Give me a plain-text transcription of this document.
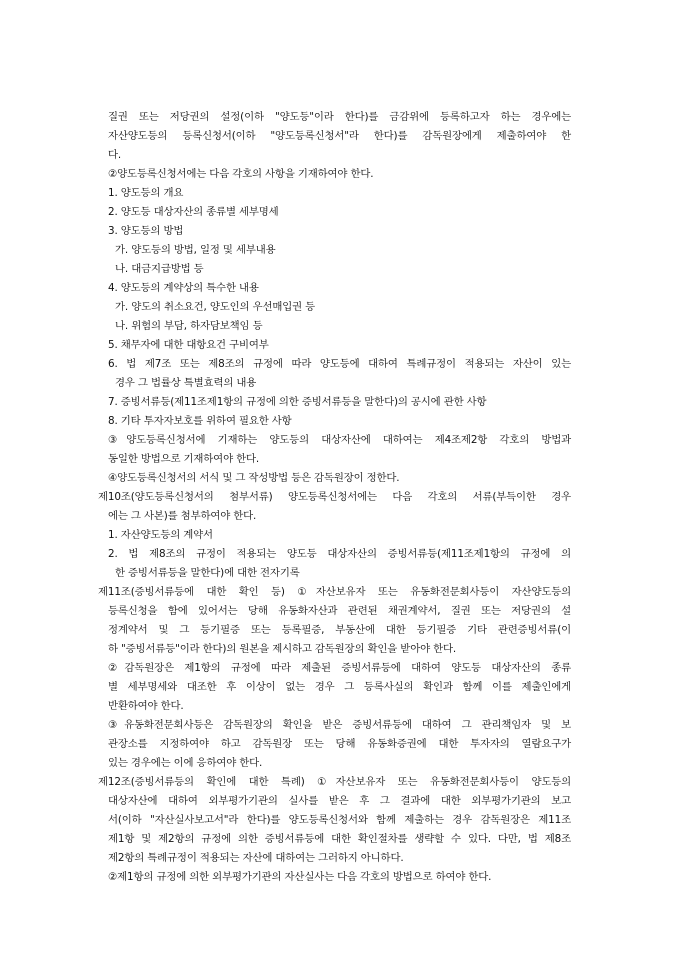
질권 또는 저당권의 설정(이하 "양도등"이라 한다)를 금감위에 등록하고자 하는 경우에는
자산양도등의 등록신청서(이하 "양도등록신청서"라 한다)를 감독원장에게 제출하여야 한
다.
②양도등록신청서에는 다음 각호의 사항을 기재하여야 한다.
1. 양도등의 개요
2. 양도등 대상자산의 종류별 세부명세
3. 양도등의 방법
가. 양도등의 방법, 일정 및 세부내용
나. 대금지급방법 등
4. 양도등의 계약상의 특수한 내용
가. 양도의 취소요건, 양도인의 우선매입권 등
나. 위험의 부담, 하자담보책임 등
5. 채무자에 대한 대항요건 구비여부
6. 법 제7조 또는 제8조의 규정에 따라 양도등에 대하여 특례규정이 적용되는 자산이 있는
경우 그 법률상 특별효력의 내용
7. 증빙서류등(제11조제1항의 규정에 의한 증빙서류등을 말한다)의 공시에 관한 사항
8. 기타 투자자보호를 위하여 필요한 사항
③양도등록신청서에 기재하는 양도등의 대상자산에 대하여는 제4조제2항 각호의 방법과
동일한 방법으로 기재하여야 한다.
④양도등록신청서의 서식 및 그 작성방법 등은 감독원장이 정한다.
제10조(양도등록신청서의 첨부서류) 양도등록신청서에는 다음 각호의 서류(부득이한 경우
에는 그 사본)를 첨부하여야 한다.
1. 자산양도등의 계약서
2. 법 제8조의 규정이 적용되는 양도등 대상자산의 증빙서류등(제11조제1항의 규정에 의
한 증빙서류등을 말한다)에 대한 전자기록
제11조(증빙서류등에 대한 확인 등) ①자산보유자 또는 유동화전문회사등이 자산양도등의
등록신청을 함에 있어서는 당해 유동화자산과 관련된 채권계약서, 질권 또는 저당권의 설
정계약서 및 그 등기필증 또는 등록필증, 부동산에 대한 등기필증 기타 관련증빙서류(이
하 "증빙서류등"이라 한다)의 원본을 제시하고 감독원장의 확인을 받아야 한다.
②감독원장은 제1항의 규정에 따라 제출된 증빙서류등에 대하여 양도등 대상자산의 종류
별 세부명세와 대조한 후 이상이 없는 경우 그 등록사실의 확인과 함께 이를 제출인에게
반환하여야 한다.
③유동화전문회사등은 감독원장의 확인을 받은 증빙서류등에 대하여 그 관리책임자 및 보
관장소를 지정하여야 하고 감독원장 또는 당해 유동화증권에 대한 투자자의 열람요구가
있는 경우에는 이에 응하여야 한다.
제12조(증빙서류등의 확인에 대한 특례) ①자산보유자 또는 유동화전문회사등이 양도등의
대상자산에 대하여 외부평가기관의 실사를 받은 후 그 결과에 대한 외부평가기관의 보고
서(이하 "자산실사보고서"라 한다)를 양도등록신청서와 함께 제출하는 경우 감독원장은 제11조
제1항 및 제2항의 규정에 의한 증빙서류등에 대한 확인절차를 생략할 수 있다. 다만, 법 제8조
제2항의 특례규정이 적용되는 자산에 대하여는 그러하지 아니하다.
②제1항의 규정에 의한 외부평가기관의 자산실사는 다음 각호의 방법으로 하여야 한다.
